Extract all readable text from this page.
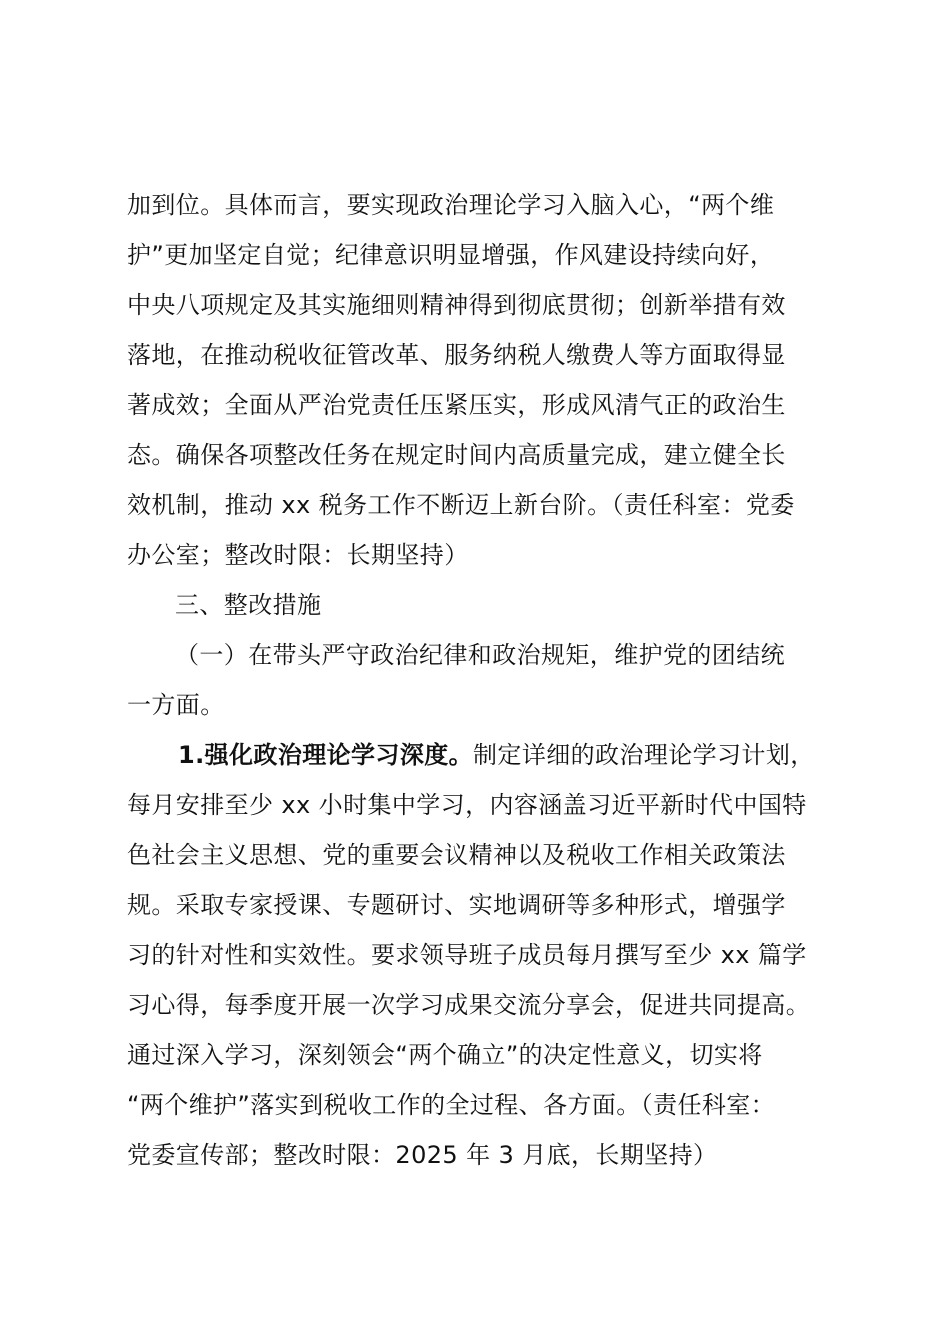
加到位。具体而言，要实现政治理论学习入脑入心，“两个维
护”更加坚定自觉；纪律意识明显增强，作风建设持续向好，
中央八项规定及其实施细则精神得到彻底贯彻；创新举措有效
落地，在推动税收征管改革、服务纳税人缴费人等方面取得显
著成效；全面从严治党责任压紧压实，形成风清气正的政治生
态。确保各项整改任务在规定时间内高质量完成，建立健全长
效机制，推动 xx 税务工作不断迈上新台阶。（责任科室：党委
办公室；整改时限：长期坚持）
三、整改措施
（一）在带头严守政治纪律和政治规矩，维护党的团结统
一方面。
1.强化政治理论学习深度。制定详细的政治理论学习计划，
每月安排至少 xx 小时集中学习，内容涵盖习近平新时代中国特
色社会主义思想、党的重要会议精神以及税收工作相关政策法
规。采取专家授课、专题研讨、实地调研等多种形式，增强学
习的针对性和实效性。要求领导班子成员每月撰写至少 xx 篇学
习心得，每季度开展一次学习成果交流分享会，促进共同提高。
通过深入学习，深刻领会“两个确立”的决定性意义，切实将
“两个维护”落实到税收工作的全过程、各方面。（责任科室：
党委宣传部；整改时限：2025 年 3 月底，长期坚持）
